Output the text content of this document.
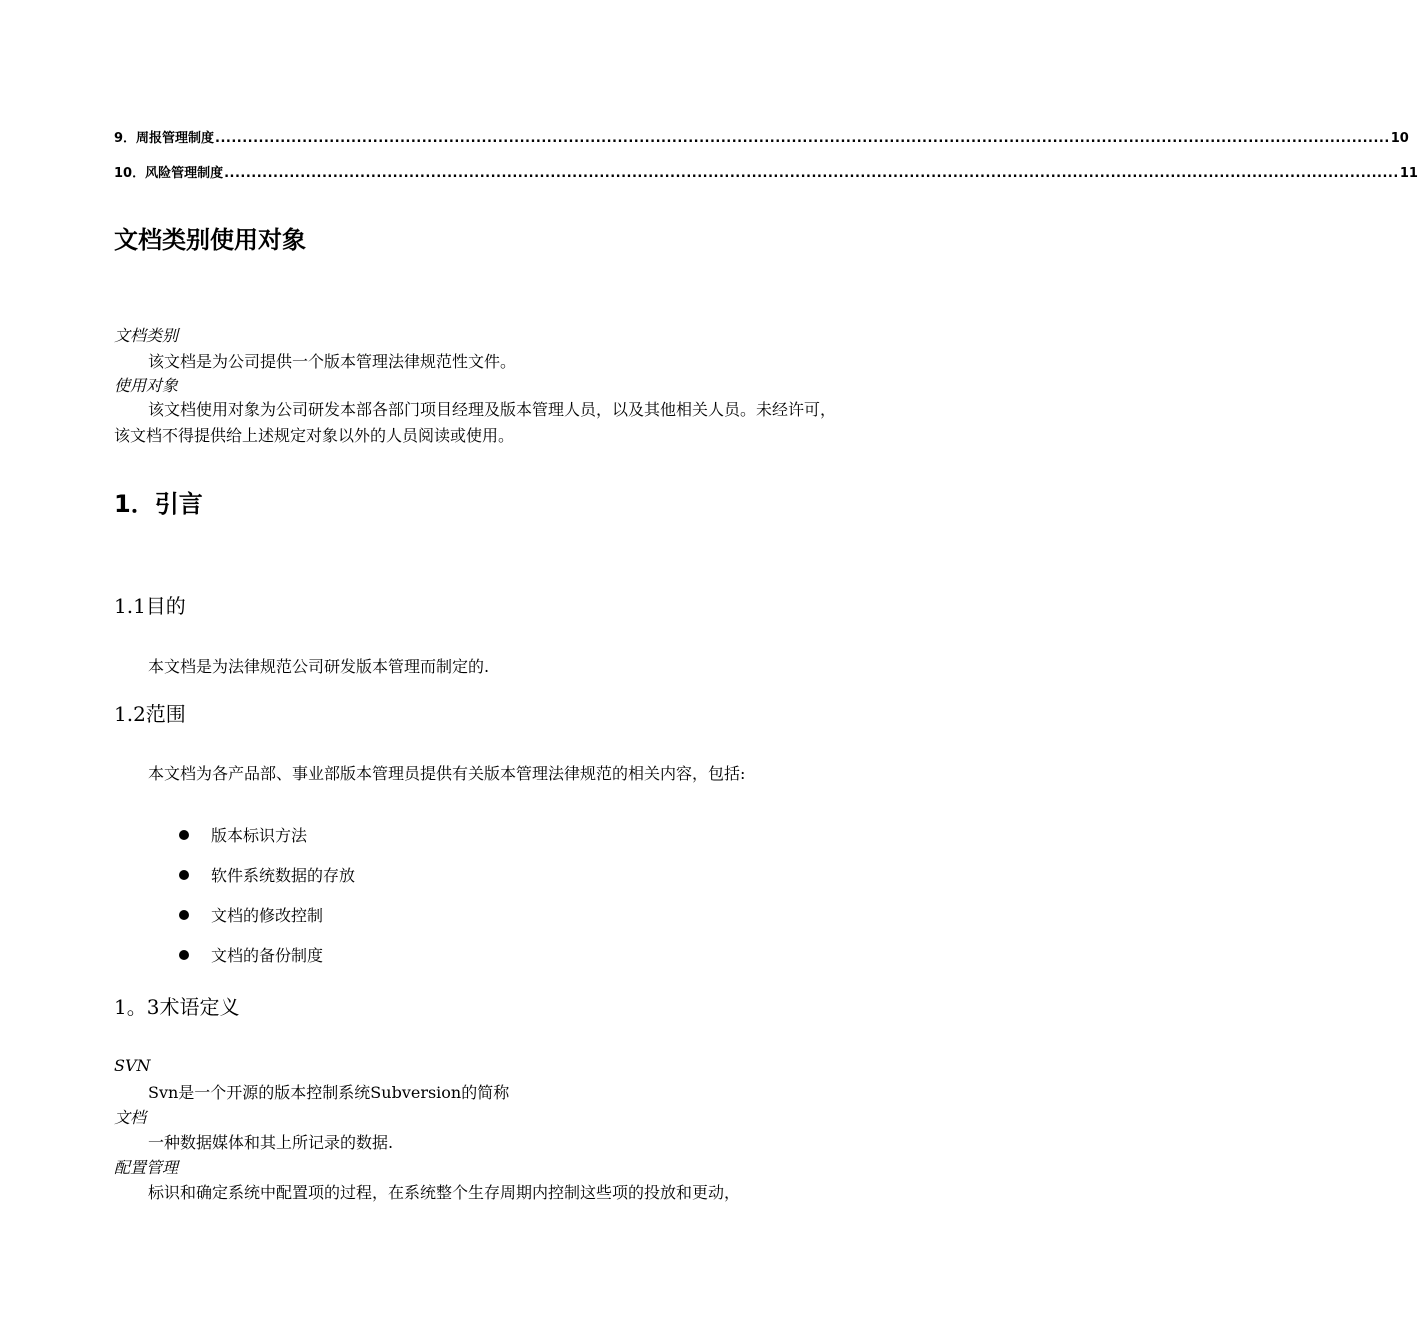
9．周报管理制度 ........................................................................................................................................................................................................................ 10
10．风险管理制度 ........................................................................................................................................................................................................................ 11
文档类别使用对象
文档类别
该文档是为公司提供一个版本管理法律规范性文件。
使用对象
该文档使用对象为公司研发本部各部门项目经理及版本管理人员，以及其他相关人员。未经许可，该文档不得提供给上述规定对象以外的人员阅读或使用。
1．引言
1.1目的
本文档是为法律规范公司研发版本管理而制定的.
1.2范围
本文档为各产品部、事业部版本管理员提供有关版本管理法律规范的相关内容，包括:
版本标识方法
软件系统数据的存放
文档的修改控制
文档的备份制度
1。3术语定义
SVN
Svn是一个开源的版本控制系统Subversion的简称
文档
一种数据媒体和其上所记录的数据.
配置管理
标识和确定系统中配置项的过程，在系统整个生存周期内控制这些项的投放和更动，
